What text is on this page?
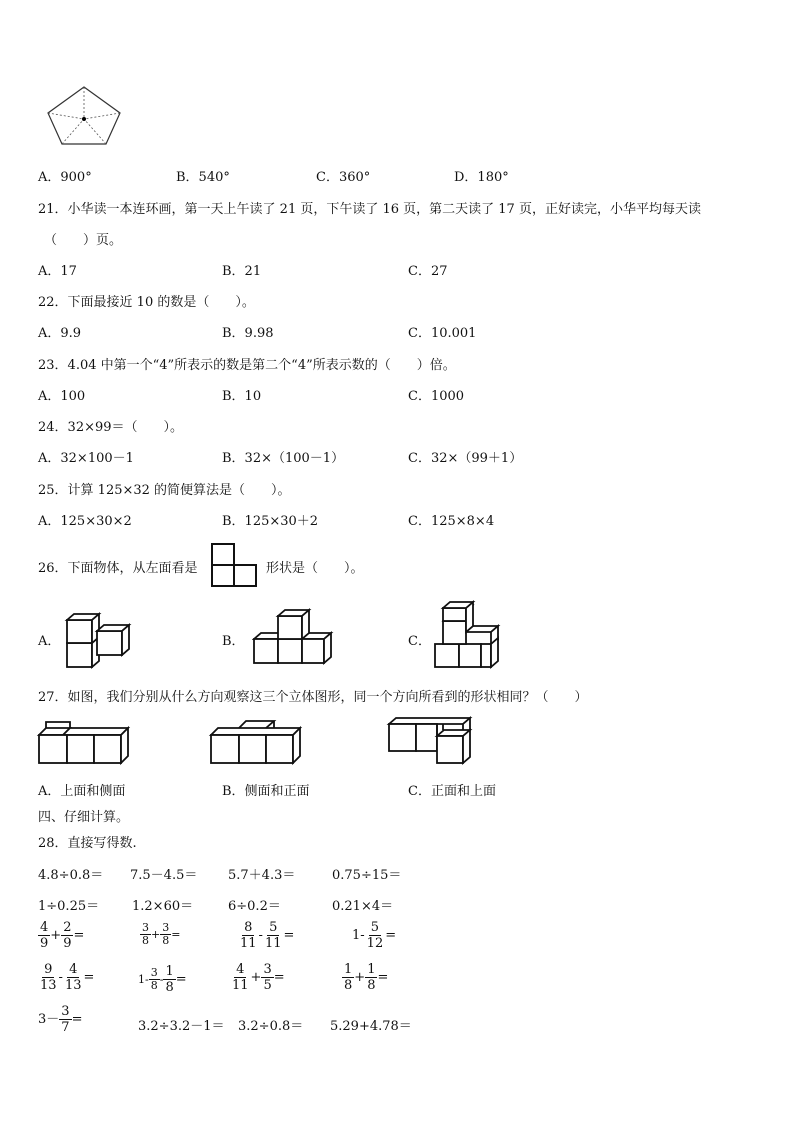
A．900°	B．540°	C．360°	D．180°
21．小华读一本连环画，第一天上午读了 21 页，下午读了 16 页，第二天读了 17 页，正好读完，小华平均每天读
（　　）页。
A．17	B．21	C．27
22．下面最接近 10 的数是（　　）。
A．9.9	B．9.98	C．10.001
23．4.04 中第一个“4”所表示的数是第二个“4”所表示数的（　　）倍。
A．100	B．10	C．1000
24．32×99＝（　　）。
A．32×100－1	B．32×（100－1）	C．32×（99＋1）
25．计算 125×32 的简便算法是（　　）。
A．125×30×2	B．125×30＋2	C．125×8×4
26．下面物体，从左面看是	形状是（　　）。
A．	B．	C．
27．如图，我们分别从什么方向观察这三个立体图形，同一个方向所看到的形状相同？（　　）
A．上面和侧面	B．侧面和正面	C．正面和上面
四、仔细计算。
28．直接写得数.
4.8÷0.8＝ 7.5－4.5＝ 5.7＋4.3＝	0.75÷15＝
1÷0.25＝	1.2×60＝	6÷0.2＝	0.21×4＝
$\frac{4}{9} + \frac{2}{9}$ =	$\frac{3}{8} + \frac{3}{8}$ =	$\frac{8}{11} - \frac{5}{11}$ =	$1- \frac{5}{12}$ =
$\frac{9}{13} - \frac{4}{13}$ =	$1- \frac{3}{8} - \frac{1}{8}$ =	$\frac{4}{11} + \frac{3}{5}$ =	$\frac{1}{8} + \frac{1}{8}$ =
$3- \frac{3}{7}$ =	3.2÷3.2－1＝ 3.2÷0.8＝ 5.29+4.78＝
